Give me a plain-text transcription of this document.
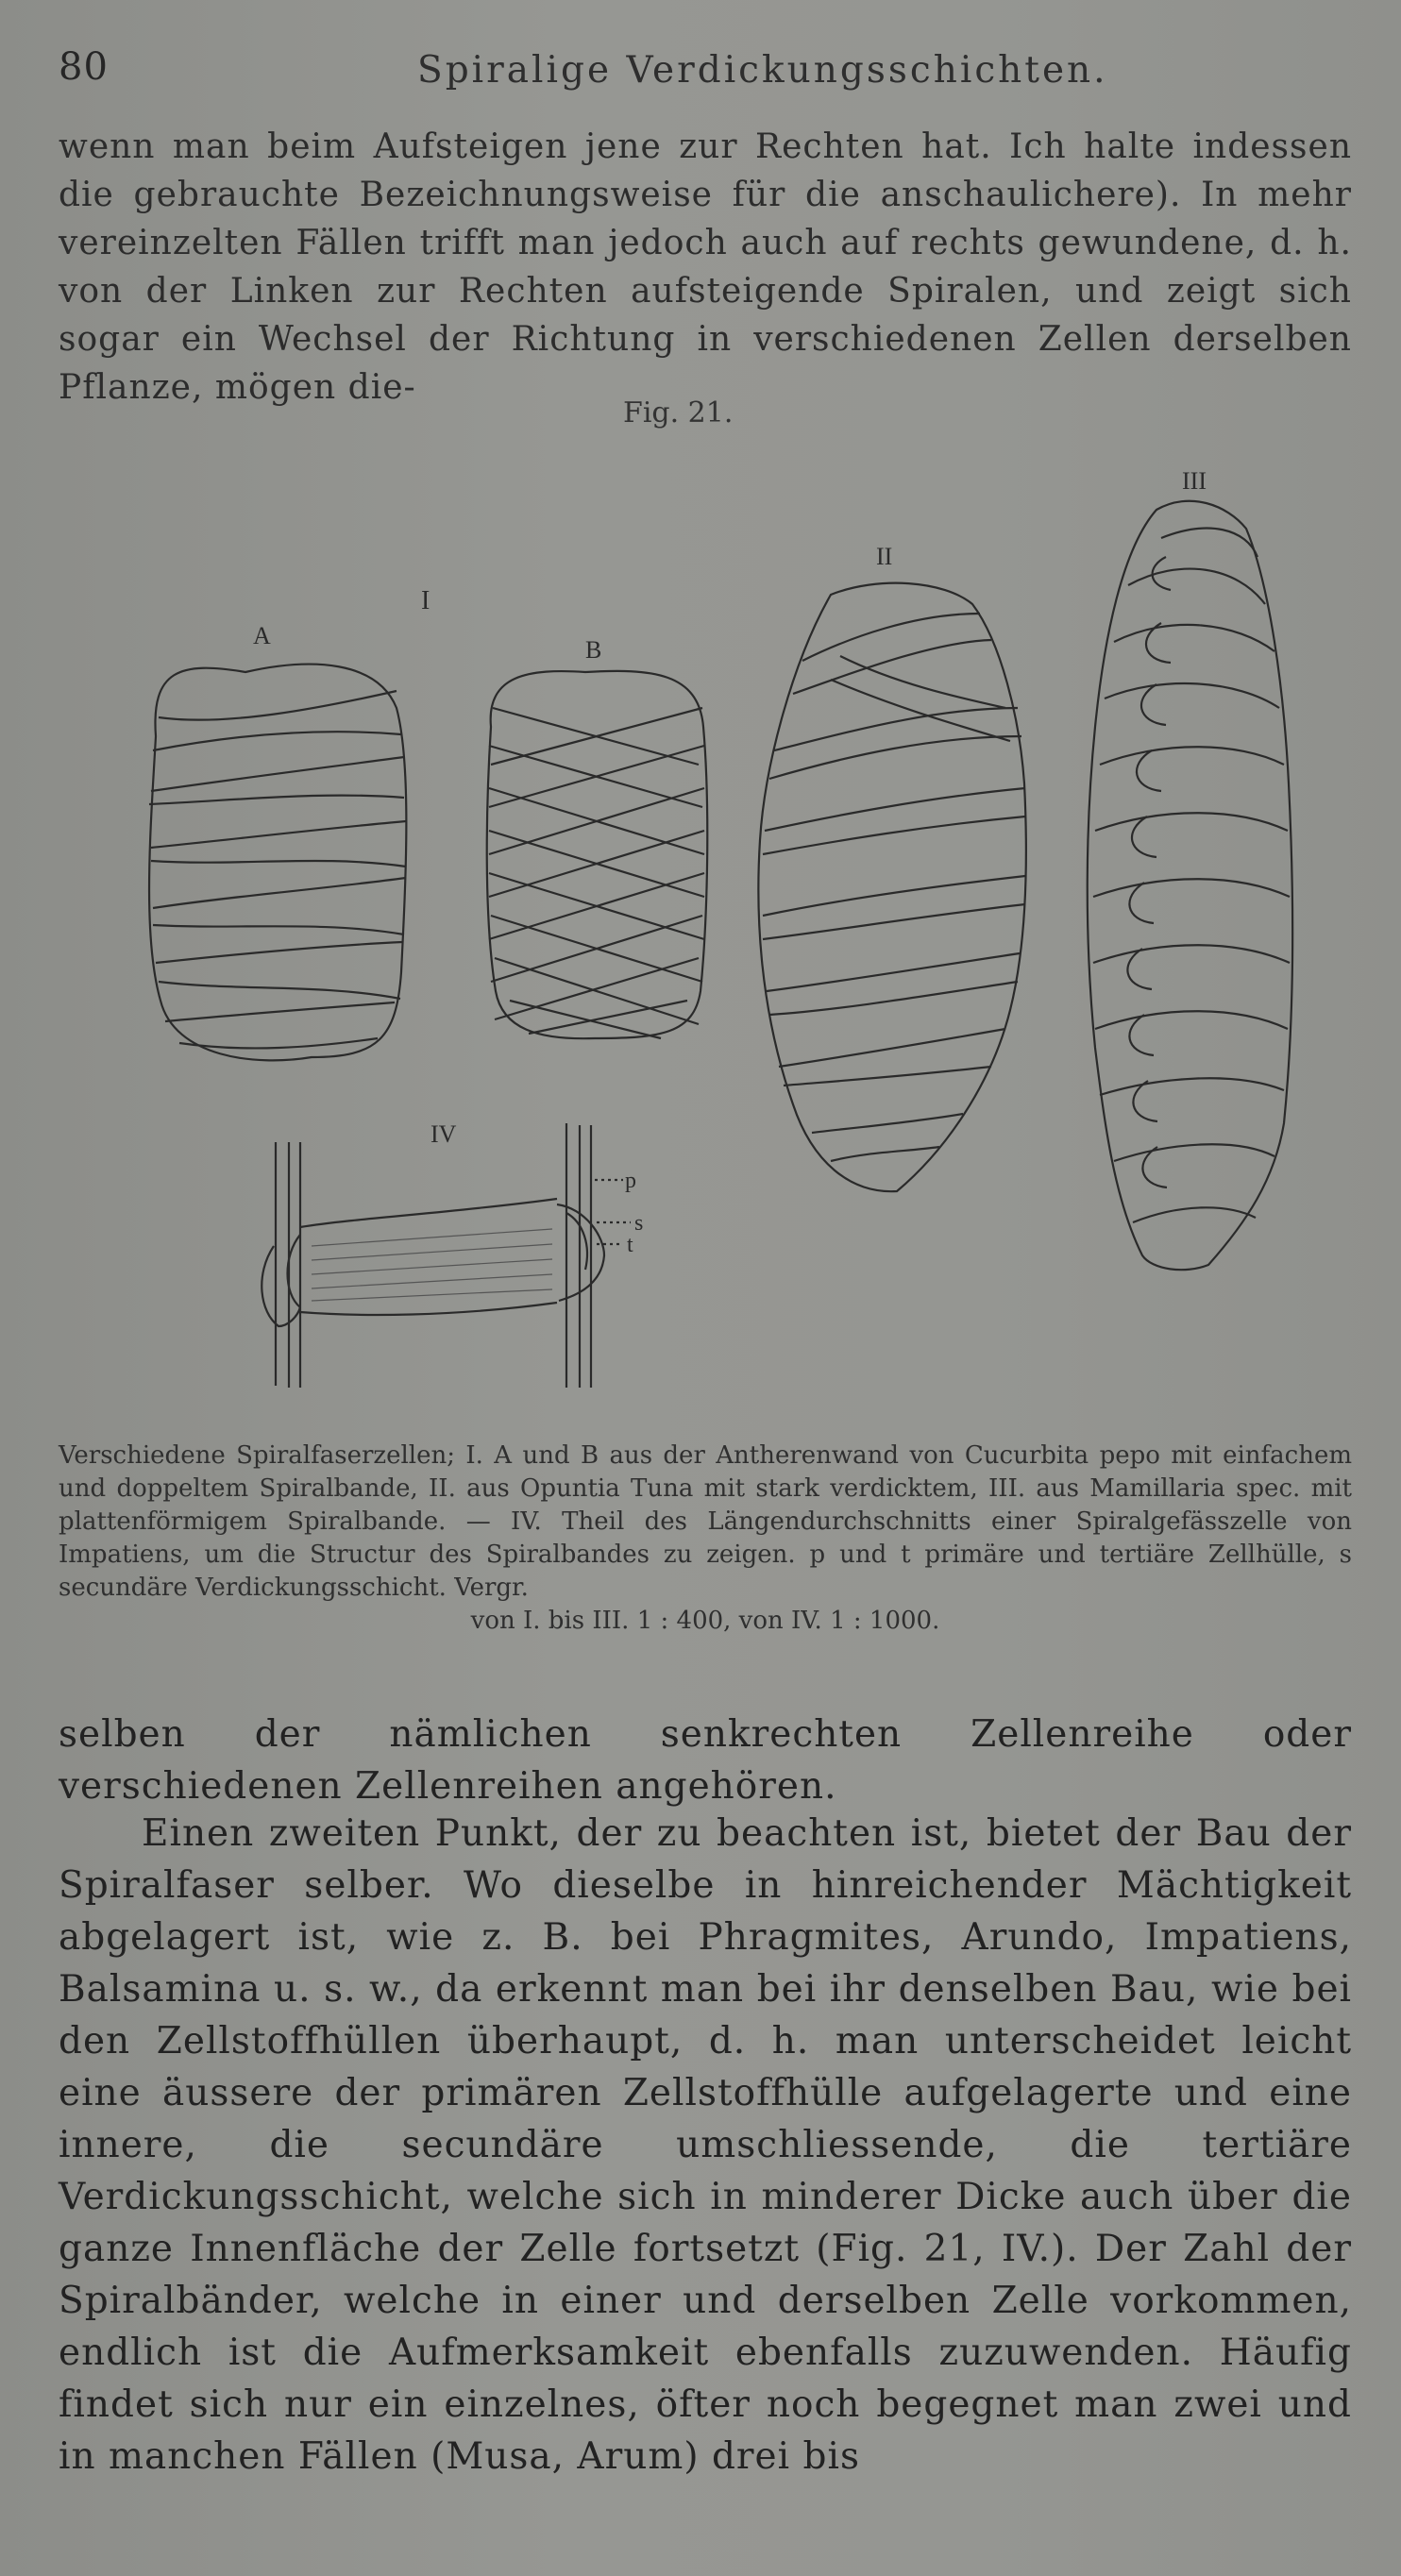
80	Spiralige Verdickungsschichten.
wenn man beim Aufsteigen jene zur Rechten hat. Ich halte indessen die gebrauchte Bezeichnungsweise für die anschaulichere). In mehr vereinzelten Fällen trifft man jedoch auch auf rechts gewundene, d. h. von der Linken zur Rechten aufsteigende Spiralen, und zeigt sich sogar ein Wechsel der Richtung in verschiedenen Zellen derselben Pflanze, mögen die-
Fig. 21.
I
A
B
II
III
IV
p
s
t
Verschiedene Spiralfaserzellen; I. A und B aus der Antherenwand von Cucurbita pepo mit einfachem und doppeltem Spiralbande, II. aus Opuntia Tuna mit stark verdicktem, III. aus Mamillaria spec. mit plattenförmigem Spiralbande. — IV. Theil des Längendurchschnitts einer Spiralgefässzelle von Impatiens, um die Structur des Spiralbandes zu zeigen. p und t primäre und tertiäre Zellhülle, s secundäre Verdickungsschicht. Vergr.
von I. bis III. 1 : 400, von IV. 1 : 1000.
selben der nämlichen senkrechten Zellenreihe oder verschiedenen Zellenreihen angehören.
Einen zweiten Punkt, der zu beachten ist, bietet der Bau der Spiralfaser selber. Wo dieselbe in hinreichender Mächtigkeit abgelagert ist, wie z. B. bei Phragmites, Arundo, Impatiens, Balsamina u. s. w., da erkennt man bei ihr denselben Bau, wie bei den Zellstoffhüllen überhaupt, d. h. man unterscheidet leicht eine äussere der primären Zellstoffhülle aufgelagerte und eine innere, die secundäre umschliessende, die tertiäre Verdickungsschicht, welche sich in minderer Dicke auch über die ganze Innenfläche der Zelle fortsetzt (Fig. 21, IV.). Der Zahl der Spiralbänder, welche in einer und derselben Zelle vorkommen, endlich ist die Aufmerksamkeit ebenfalls zuzuwenden. Häufig findet sich nur ein einzelnes, öfter noch begegnet man zwei und in manchen Fällen (Musa, Arum) drei bis
